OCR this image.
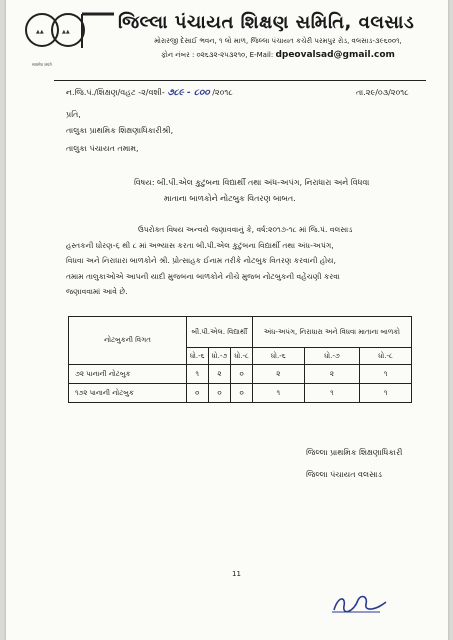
▲▲	▲▲
सत्यमेव जयते
જિલ્લા પંચાયત શિક્ષણ સમિતિ, વલસાડ
મોરારજી દેસાઈ ભવન, ૧ લો માળ, જિલ્લા પંચાયત કચેરી પરમપુર રોડ, વલસાડ-૩૯૬૦૦૧,
ફોન નંબર : ૦૨૬૩૨-૨૫૩૨૧૦, E-Mail: dpeovalsad@gmail.com
ન.જિ.પં./શિક્ષણ/વહટ -૨/વશી- ૭૮૯ - ૮૦૦ /૨૦૧૮	તા.૨૯/૦૩/૨૦૧૮
પ્રતિ,
તાલુકા પ્રાથમિક શિક્ષણાધિકારીશ્રી,
તાલુકા પંચાયત તમામ,
વિષય: બી.પી.એલ કુટુંબના વિદ્યાર્થી તથા અંધ-અપંગ, નિરાધારા અને વિધવા
માતાના બાળકોને નોટબુક વિતરણ બાબત.

ઉપરોક્ત વિષય અન્વયે જણાવવાનું કે, વર્ષ:૨૦૧૭-૧૮ માં જિ.પં. વલસાડ

હસ્તકની ધોરણ-૬ થી ૮ માં અભ્યાસ કરતા બી.પી.એલ કુટુંબના વિદ્યાર્થી તથા અંધ-અપંગ,

વિધવા અને નિરાધારા બાળકોને શ્રી. પ્રોત્સાહક ઈનામ તરીકે નોટબુક વિતરણ કરવાની હોય,

તમામ તાલુકાઓએ આપની યાદી મુજબના બાળકોને નીચે મુજબ નોટબુકની વહેંચણી કરવા

જણાવવામાં આવે છે.

નોટબુકની વિગત	બી.પી.એલ. વિદ્યાર્થી			અંધ-અપંગ, નિરાધારા અને વિધવા માતાના બાળકો		
	ધો.-૬	ધો.-૭	ધો.-૮	ધો.-૬	ધો.-૭	ધો.-૮
૭૨ પાનાની નોટબુક	૧	૨	૦	૨	૨	૧
૧૭૨ પાનાની નોટબુક	૦	૦	૦	૧	૧	૧
જિલ્લા પ્રાથમિક શિક્ષણાધિકારી
જિલ્લા પંચાયત વલસાડ
11
